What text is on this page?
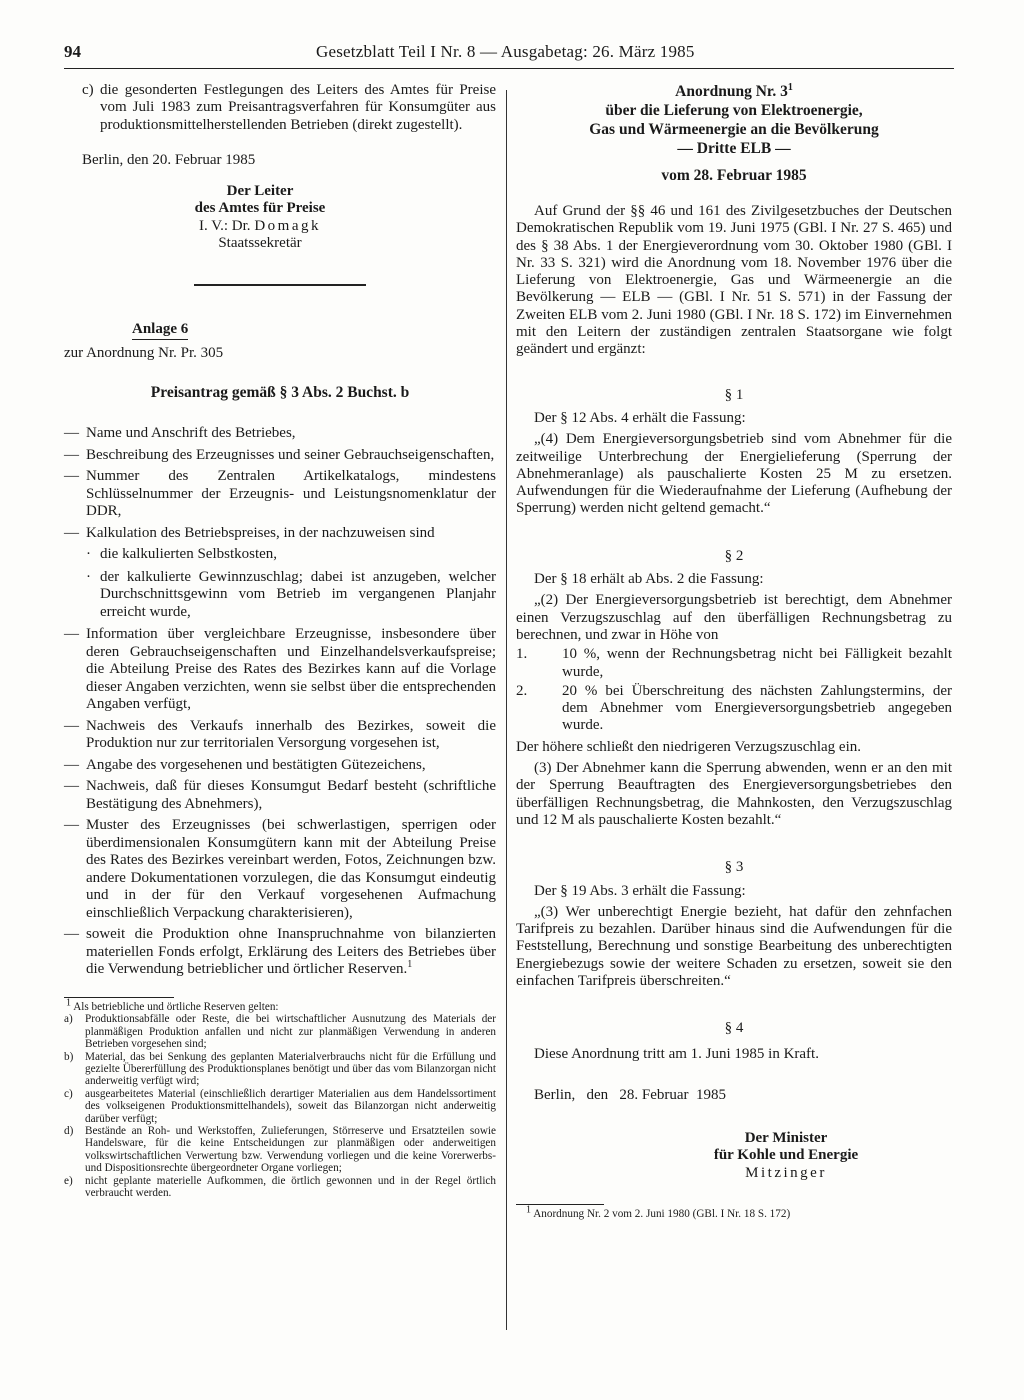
94	Gesetzblatt Teil I Nr. 8 — Ausgabetag: 26. März 1985
c) die gesonderten Festlegungen des Leiters des Amtes für Preise vom Juli 1983 zum Preisantragsverfahren für Konsumgüter aus produktionsmittelherstellenden Betrieben (direkt zugestellt).

Berlin, den 20. Februar 1985

Der Leiter

des Amtes für Preise

I. V.: Dr. Domagk

Staatssekretär

Anlage 6

zur Anordnung Nr. Pr. 305

Preisantrag gemäß § 3 Abs. 2 Buchst. b

— Name und Anschrift des Betriebes,
— Beschreibung des Erzeugnisses und seiner Gebrauchseigenschaften,
— Nummer des Zentralen Artikelkatalogs, mindestens Schlüsselnummer der Erzeugnis- und Leistungsnomenklatur der DDR,
— Kalkulation des Betriebspreises, in der nachzuweisen sind
· die kalkulierten Selbstkosten,
· der kalkulierte Gewinnzuschlag; dabei ist anzugeben, welcher Durchschnittsgewinn vom Betrieb im vergangenen Planjahr erreicht wurde,
— Information über vergleichbare Erzeugnisse, insbesondere über deren Gebrauchseigenschaften und Einzelhandelsverkaufspreise; die Abteilung Preise des Rates des Bezirkes kann auf die Vorlage dieser Angaben verzichten, wenn sie selbst über die entsprechenden Angaben verfügt,
— Nachweis des Verkaufs innerhalb des Bezirkes, soweit die Produktion nur zur territorialen Versorgung vorgesehen ist,
— Angabe des vorgesehenen und bestätigten Gütezeichens,
— Nachweis, daß für dieses Konsumgut Bedarf besteht (schriftliche Bestätigung des Abnehmers),
— Muster des Erzeugnisses (bei schwerlastigen, sperrigen oder überdimensionalen Konsumgütern kann mit der Abteilung Preise des Rates des Bezirkes vereinbart werden, Fotos, Zeichnungen bzw. andere Dokumentationen vorzulegen, die das Konsumgut eindeutig und in der für den Verkauf vorgesehenen Aufmachung einschließlich Verpackung charakterisieren),
— soweit die Produktion ohne Inanspruchnahme von bilanzierten materiellen Fonds erfolgt, Erklärung des Leiters des Betriebes über die Verwendung betrieblicher und örtlicher Reserven.$^1$

1 Als betriebliche und örtliche Reserven gelten:

a) Produktionsabfälle oder Reste, die bei wirtschaftlicher Ausnutzung des Materials der planmäßigen Produktion anfallen und nicht zur planmäßigen Verwendung in anderen Betrieben vorgesehen sind;
b) Material, das bei Senkung des geplanten Materialverbrauchs nicht für die Erfüllung und gezielte Übererfüllung des Produktionsplanes benötigt und über das vom Bilanzorgan nicht anderweitig verfügt wird;
c) ausgearbeitetes Material (einschließlich derartiger Materialien aus dem Handelssortiment des volkseigenen Produktionsmittelhandels), soweit das Bilanzorgan nicht anderweitig darüber verfügt;
d) Bestände an Roh- und Werkstoffen, Zulieferungen, Störreserve und Ersatzteilen sowie Handelsware, für die keine Entscheidungen zur planmäßigen oder anderweitigen volkswirtschaftlichen Verwertung bzw. Verwendung vorliegen und die keine Vorerwerbs- und Dispositionsrechte übergeordneter Organe vorliegen;
e) nicht geplante materielle Aufkommen, die örtlich gewonnen und in der Regel örtlich verbraucht werden.

Anordnung Nr. $3^1$

über die Lieferung von Elektroenergie,

Gas und Wärmeenergie an die Bevölkerung

— Dritte ELB —

vom 28. Februar 1985

Auf Grund der §§ 46 und 161 des Zivilgesetzbuches der Deutschen Demokratischen Republik vom 19. Juni 1975 (GBl. I Nr. 27 S. 465) und des § 38 Abs. 1 der Energieverordnung vom 30. Oktober 1980 (GBl. I Nr. 33 S. 321) wird die Anordnung vom 18. November 1976 über die Lieferung von Elektroenergie, Gas und Wärmeenergie an die Bevölkerung — ELB — (GBl. I Nr. 51 S. 571) in der Fassung der Zweiten ELB vom 2. Juni 1980 (GBl. I Nr. 18 S. 172) im Einvernehmen mit den Leitern der zuständigen zentralen Staatsorgane wie folgt geändert und ergänzt:

§ 1

Der § 12 Abs. 4 erhält die Fassung:

„(4) Dem Energieversorgungsbetrieb sind vom Abnehmer für die zeitweilige Unterbrechung der Energielieferung (Sperrung der Abnehmeranlage) als pauschalierte Kosten 25 M zu ersetzen. Aufwendungen für die Wiederaufnahme der Lieferung (Aufhebung der Sperrung) werden nicht geltend gemacht.“

§ 2

Der § 18 erhält ab Abs. 2 die Fassung:

„(2) Der Energieversorgungsbetrieb ist berechtigt, dem Abnehmer einen Verzugszuschlag auf den überfälligen Rechnungsbetrag zu berechnen, und zwar in Höhe von

1. 10 %, wenn der Rechnungsbetrag nicht bei Fälligkeit bezahlt wurde,
2. 20 % bei Überschreitung des nächsten Zahlungstermins, der dem Abnehmer vom Energieversorgungsbetrieb angegeben wurde.

Der höhere schließt den niedrigeren Verzugszuschlag ein.

(3) Der Abnehmer kann die Sperrung abwenden, wenn er an den mit der Sperrung Beauftragten des Energieversorgungsbetriebes den überfälligen Rechnungsbetrag, die Mahnkosten, den Verzugszuschlag und 12 M als pauschalierte Kosten bezahlt.“

§ 3

Der § 19 Abs. 3 erhält die Fassung:

„(3) Wer unberechtigt Energie bezieht, hat dafür den zehnfachen Tarifpreis zu bezahlen. Darüber hinaus sind die Aufwendungen für die Feststellung, Berechnung und sonstige Bearbeitung des unberechtigten Energiebezugs sowie der weitere Schaden zu ersetzen, soweit sie den einfachen Tarifpreis überschreiten.“

§ 4

Diese Anordnung tritt am 1. Juni 1985 in Kraft.

Berlin,   den   28. Februar  1985

Der Minister

für Kohle und Energie

Mitzinger

1 Anordnung Nr. 2 vom 2. Juni 1980 (GBl. I Nr. 18 S. 172)
